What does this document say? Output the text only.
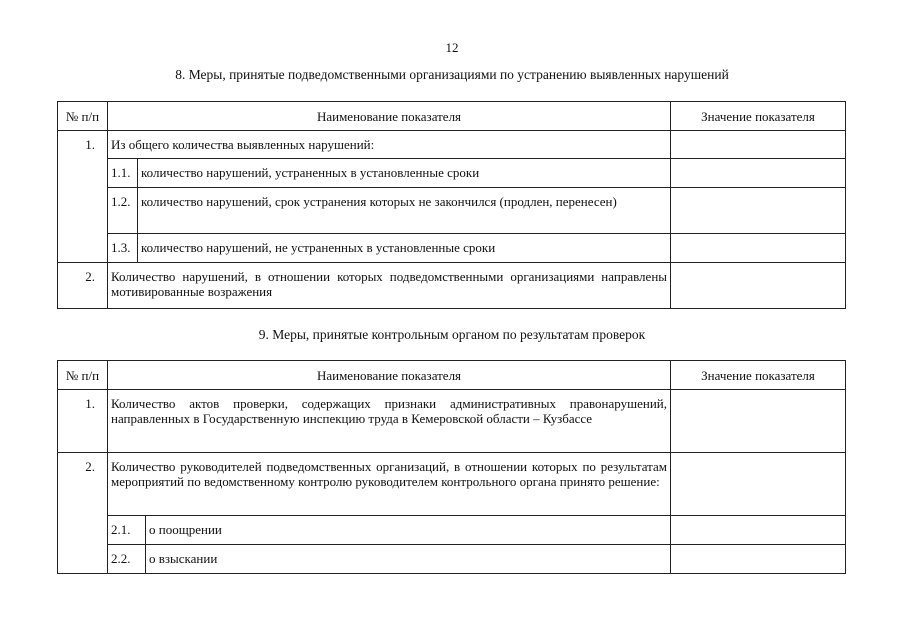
12
8. Меры, принятые подведомственными организациями по устранению выявленных нарушений
№ п/п	Наименование показателя		Значение показателя
1.	Из общего количества выявленных нарушений:		
	1.1.	количество нарушений, устраненных в установленные сроки	
	1.2.	количество нарушений, срок устранения которых не закончился (продлен, перенесен)	
	1.3.	количество нарушений, не устраненных в установленные сроки	
2.	Количество нарушений, в отношении которых подведомственными организациями направлены мотивированные возражения		
9. Меры, принятые контрольным органом по результатам проверок
№ п/п	Наименование показателя		Значение показателя
1.	Количество актов проверки, содержащих признаки административных правонарушений, направленных в Государственную инспекцию труда в Кемеровской области – Кузбассе		
2.	Количество руководителей подведомственных организаций, в отношении которых по результатам мероприятий по ведомственному контролю руководителем контрольного органа принято решение:		
	2.1.	о поощрении	
	2.2.	о взыскании	
